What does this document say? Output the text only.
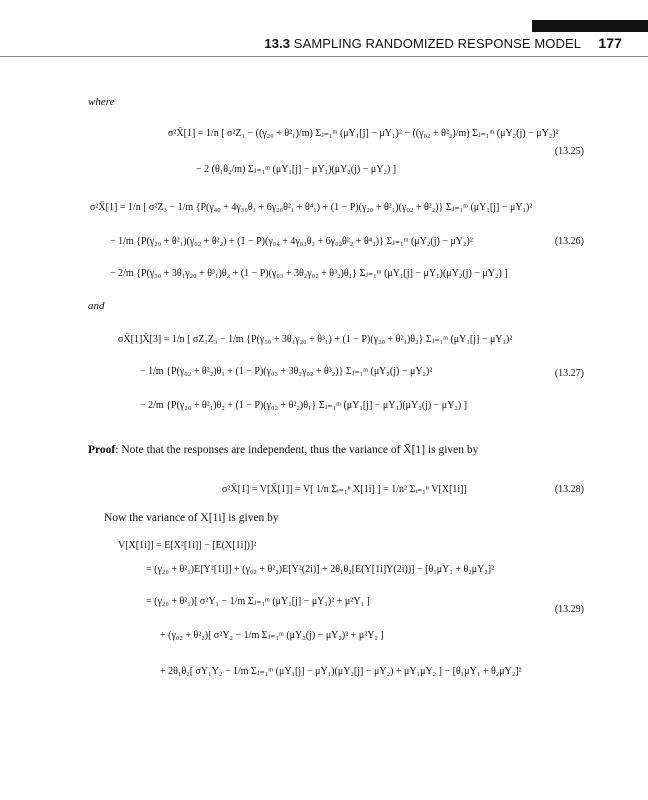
13.3 SAMPLING RANDOMIZED RESPONSE MODEL 177
where
σ²X̄[1] = 1/n [ σ²Z₁ − ((γ₂₀ + θ²₁)/m) Σⱼ₌₁ᵐ (μY₁[j] − μY₁)² − ((γ₀₂ + θ²₂)/m) Σⱼ₌₁ᵐ (μY₂(j) − μY₂)²
− 2 (θ₁θ₂/m) Σⱼ₌₁ᵐ (μY₁[j] − μY₁)(μY₂(j) − μY₂) ]
(13.25)
σ²X̄[1] = 1/n [ σ²Z₃ − 1/m {P(γ₄₀ + 4γ₃₀θ₁ + 6γ₂₀θ²₁ + θ⁴₁) + (1 − P)(γ₂₀ + θ²₁)(γ₀₂ + θ²₂)} Σⱼ₌₁ᵐ (μY₁[j] − μY₁)²
− 1/m {P(γ₂₀ + θ²₁)(γ₀₂ + θ²₂) + (1 − P)(γ₀₄ + 4γ₀₃θ₂ + 6γ₀₂θ²₂ + θ⁴₂)} Σⱼ₌₁ᵐ (μY₂(j) − μY₂)²
− 2/m {P(γ₃₀ + 3θ₁γ₂₀ + θ³₁)θ₂ + (1 − P)(γ₀₃ + 3θ₂γ₀₂ + θ³₂)θ₁} Σⱼ₌₁ᵐ (μY₁[j] − μY₁)(μY₂(j) − μY₂) ]
(13.26)
and
σX̄[1]X̄[3] = 1/n [ σZ₁Z₃ − 1/m {P(γ₃₀ + 3θ₁γ₂₀ + θ³₁) + (1 − P)(γ₂₀ + θ²₁)θ₂} Σⱼ₌₁ᵐ (μY₁[j] − μY₁)²
− 1/m {P(γ₀₂ + θ²₂)θ₁ + (1 − P)(γ₀₃ + 3θ₂γ₀₂ + θ³₂)} Σⱼ₌₁ᵐ (μY₂(j) − μY₂)²
− 2/m {P(γ₂₀ + θ²₁)θ₂ + (1 − P)(γ₀₂ + θ²₂)θ₁} Σⱼ₌₁ᵐ (μY₁[j] − μY₁)(μY₂(j) − μY₂) ]
(13.27)
Proof: Note that the responses are independent, thus the variance of X̄[1] is given by
σ²X̄[1] = V[X̄[1]] = V[ 1/n Σᵢ₌₁ⁿ X[1i] ] = 1/n² Σᵢ₌₁ⁿ V[X[1i]]	(13.28)
Now the variance of X[1i] is given by
V[X[1i]] = E[X²[1i]] − [E(X[1i])]²
= (γ₂₀ + θ²₁)E[Y²[1i]] + (γ₀₂ + θ²₂)E[Y²(2i)] + 2θ₁θ₂[E(Y[1i]Y(2i))] − [θ₁μY₁ + θ₂μY₂]²
= (γ₂₀ + θ²₁)[ σ²Y₁ − 1/m Σⱼ₌₁ᵐ (μY₁[j] − μY₁)² + μ²Y₁ ]
+ (γ₀₂ + θ²₂)[ σ²Y₂ − 1/m Σⱼ₌₁ᵐ (μY₂(j) − μY₂)² + μ²Y₂ ]
+ 2θ₁θ₂[ σY₁Y₂ − 1/m Σⱼ₌₁ᵐ (μY₁[j] − μY₁)(μY₂[j] − μY₂) + μY₁μY₂ ] − [θ₁μY₁ + θ₂μY₂]²
(13.29)
